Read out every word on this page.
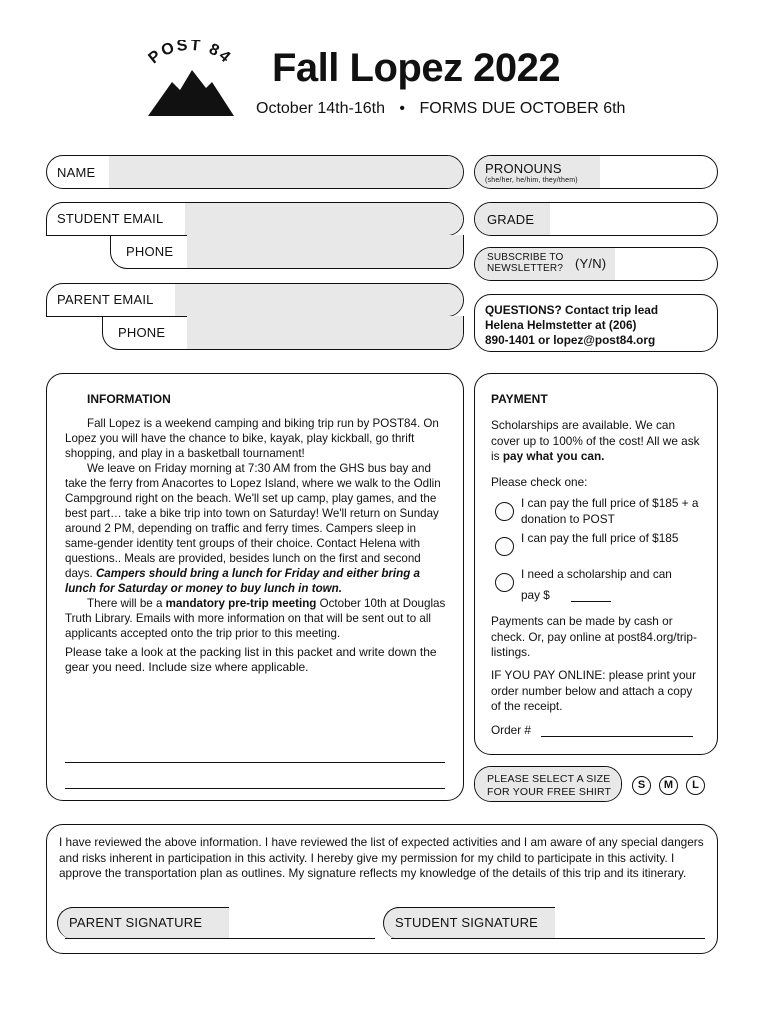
POST 84 Fall Lopez 2022
October 14th-16th • FORMS DUE OCTOBER 6th
NAME	PRONOUNS
(she/her, he/him, they/them)
STUDENT EMAIL
PHONE
GRADE
SUBSCRIBE TO
NEWSLETTER? (Y/N)
PARENT EMAIL
PHONE
QUESTIONS? Contact trip lead
Helena Helmstetter at (206)
890-1401 or lopez@post84.org
INFORMATION

Fall Lopez is a weekend camping and biking trip run by POST84. On Lopez you will have the chance to bike, kayak, play kickball, go thrift shopping, and play in a basketball tournament!

We leave on Friday morning at 7:30 AM from the GHS bus bay and take the ferry from Anacortes to Lopez Island, where we walk to the Odlin Campground right on the beach. We'll set up camp, play games, and the best part… take a bike trip into town on Saturday! We'll return on Sunday around 2 PM, depending on traffic and ferry times. Campers sleep in same-gender identity tent groups of their choice. Contact Helena with questions.. Meals are provided, besides lunch on the first and second days. Campers should bring a lunch for Friday and either bring a lunch for Saturday or money to buy lunch in town.

There will be a mandatory pre-trip meeting October 10th at Douglas Truth Library. Emails with more information on that will be sent out to all applicants accepted onto the trip prior to this meeting.

Please take a look at the packing list in this packet and write down the gear you need. Include size where applicable.

PAYMENT
Scholarships are available. We can cover up to 100% of the cost! All we ask is pay what you can.
Please check one:
I can pay the full price of $185 + a donation to POST
I can pay the full price of $185
I need a scholarship and can
pay $
Payments can be made by cash or check. Or, pay online at post84.org/trip-listings.
IF YOU PAY ONLINE: please print your order number below and attach a copy of the receipt.
Order #
PLEASE SELECT A SIZE
FOR YOUR FREE SHIRT
S	M	L
I have reviewed the above information. I have reviewed the list of expected activities and I am aware of any special dangers and risks inherent in participation in this activity. I hereby give my permission for my child to participate in this activity. I approve the transportation plan as outlines. My signature reflects my knowledge of the details of this trip and its itinerary.
PARENT SIGNATURE	STUDENT SIGNATURE
